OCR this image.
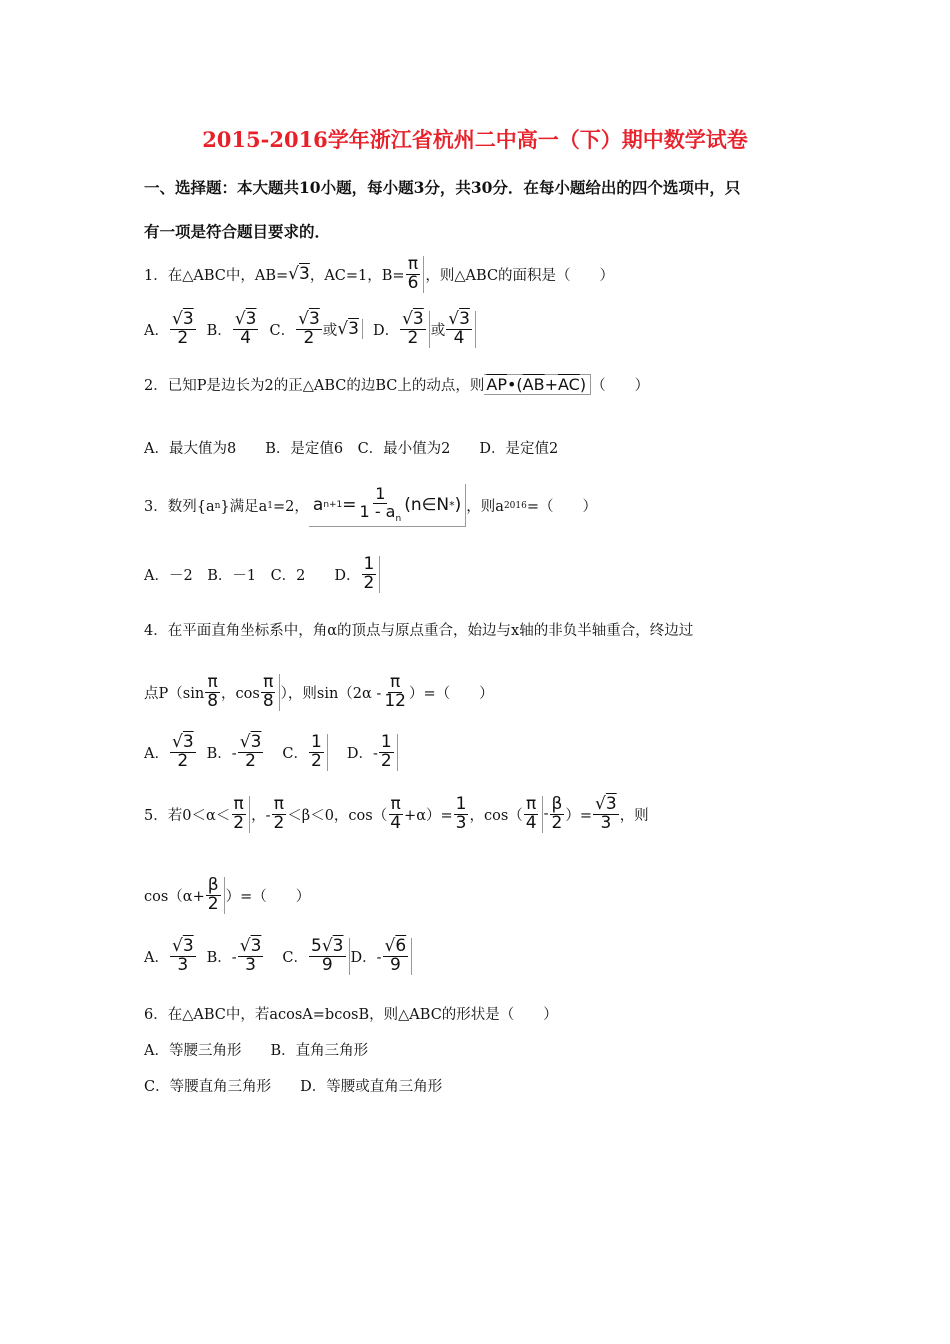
2015-2016学年浙江省杭州二中高一（下）期中数学试卷
一、选择题：本大题共10小题，每小题3分，共30分．在每小题给出的四个选项中，只
有一项是符合题目要求的．
1．在△ABC中，AB= √3 ，AC=1，$B= \frac{\pi}{6}$ ，则△ABC的面积是（　　）
A． $\frac{√3}{2}$ B． $\frac{√3}{4}$ C． $\frac{√3}{2}$ 或 √3 D． $\frac{√3}{2}$ 或 $\frac{√3}{4}$
2．已知P是边长为2的正△ABC的边BC上的动点，则 $\overline{AP}$ • ( $\overline{AB} + \overline{AC}$ ) （　　）
A．最大值为8　　B．是定值6　C．最小值为2　　D．是定值2
3．数列{a n }满足a 1 =2， a $n+1 = \frac{1}{1 - a_n}$ (n∈N * ) ，则a 2016 =（　　）
A．－2　B．－1　C．2　　D． $\frac{1}{2}$
4．在平面直角坐标系中，角α的顶点与原点重合，始边与x轴的非负半轴重合，终边过
点$P(\sin \frac{\pi}{8}$ ，$\cos \frac{\pi}{8}$ ），则$\sin(2\alpha - \frac{\pi}{12}$ ）=（　　）
A． $\frac{√3}{2}$ B．- $\frac{√3}{2}$ C． $\frac{1}{2}$ D．- $\frac{1}{2}$
5．若$0<\alpha< \frac{\pi}{2}$ ，- $\frac{\pi}{2} <\beta<0$，$\cos( \frac{\pi}{4} +\alpha)= \frac{1}{3}$ ，$\cos( \frac{\pi}{4} - \frac{\beta}{2}$ ）= $\frac{√3}{3}$ ，则
$\cos(\alpha+ \frac{\beta}{2}$ ）=（　　）
A． $\frac{√3}{3}$ B．- $\frac{√3}{3}$ C． $\frac{5√3}{9}$ D．- $\frac{√6}{9}$
6．在△ABC中，若acosA=bcosB，则△ABC的形状是（　　）
A．等腰三角形　　B．直角三角形
C．等腰直角三角形　　D．等腰或直角三角形
